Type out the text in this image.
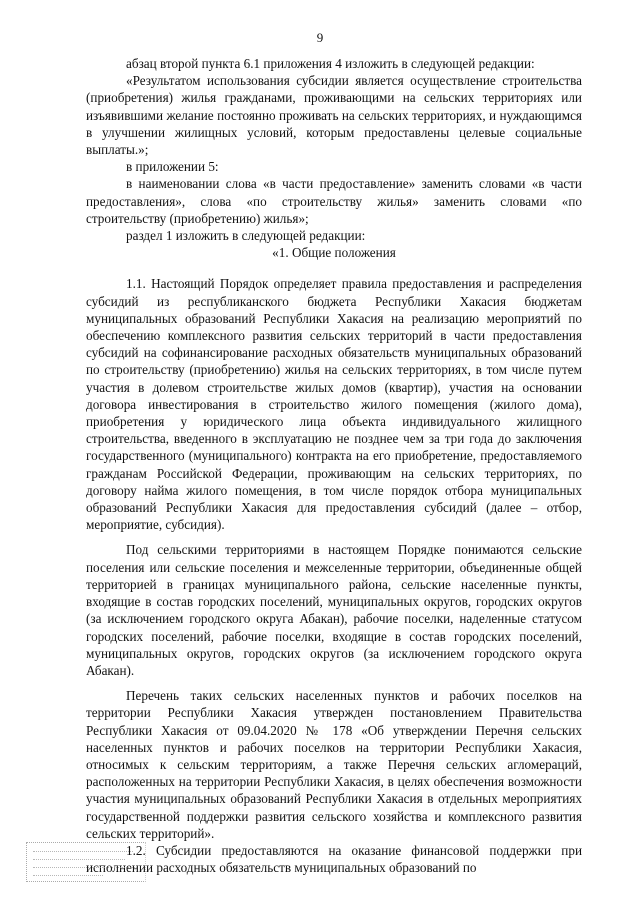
9

абзац второй пункта 6.1 приложения 4 изложить в следующей редакции:

«Результатом использования субсидии является осуществление строительства (приобретения) жилья гражданами, проживающими на сельских территориях или изъявившими желание постоянно проживать на сельских территориях, и нуждающимся в улучшении жилищных условий, которым предоставлены целевые социальные выплаты.»;

в приложении 5:

в наименовании слова «в части предоставление» заменить словами «в части предоставления», слова «по строительству жилья» заменить словами «по строительству (приобретению) жилья»;

раздел 1 изложить в следующей редакции:

«1. Общие положения

1.1. Настоящий Порядок определяет правила предоставления и распределения субсидий из республиканского бюджета Республики Хакасия бюджетам муниципальных образований Республики Хакасия на реализацию мероприятий по обеспечению комплексного развития сельских территорий в части предоставления субсидий на софинансирование расходных обязательств муниципальных образований по строительству (приобретению) жилья на сельских территориях, в том числе путем участия в долевом строительстве жилых домов (квартир), участия на основании договора инвестирования в строительство жилого помещения (жилого дома), приобретения у юридического лица объекта индивидуального жилищного строительства, введенного в эксплуатацию не позднее чем за три года до заключения государственного (муниципального) контракта на его приобретение, предоставляемого гражданам Российской Федерации, проживающим на сельских территориях, по договору найма жилого помещения, в том числе порядок отбора муниципальных образований Республики Хакасия для предоставления субсидий (далее – отбор, мероприятие, субсидия).

Под сельскими территориями в настоящем Порядке понимаются сельские поселения или сельские поселения и межселенные территории, объединенные общей территорией в границах муниципального района, сельские населенные пункты, входящие в состав городских поселений, муниципальных округов, городских округов (за исключением городского округа Абакан), рабочие поселки, наделенные статусом городских поселений, рабочие поселки, входящие в состав городских поселений, муниципальных округов, городских округов (за исключением городского округа Абакан).

Перечень таких сельских населенных пунктов и рабочих поселков на территории Республики Хакасия утвержден постановлением Правительства Республики Хакасия от 09.04.2020 № 178 «Об утверждении Перечня сельских населенных пунктов и рабочих поселков на территории Республики Хакасия, относимых к сельским территориям, а также Перечня сельских агломераций, расположенных на территории Республики Хакасия, в целях обеспечения возможности участия муниципальных образований Республики Хакасия в отдельных мероприятиях государственной поддержки развития сельского хозяйства и комплексного развития сельских территорий».

1.2. Субсидии предоставляются на оказание финансовой поддержки при исполнении расходных обязательств муниципальных образований по
